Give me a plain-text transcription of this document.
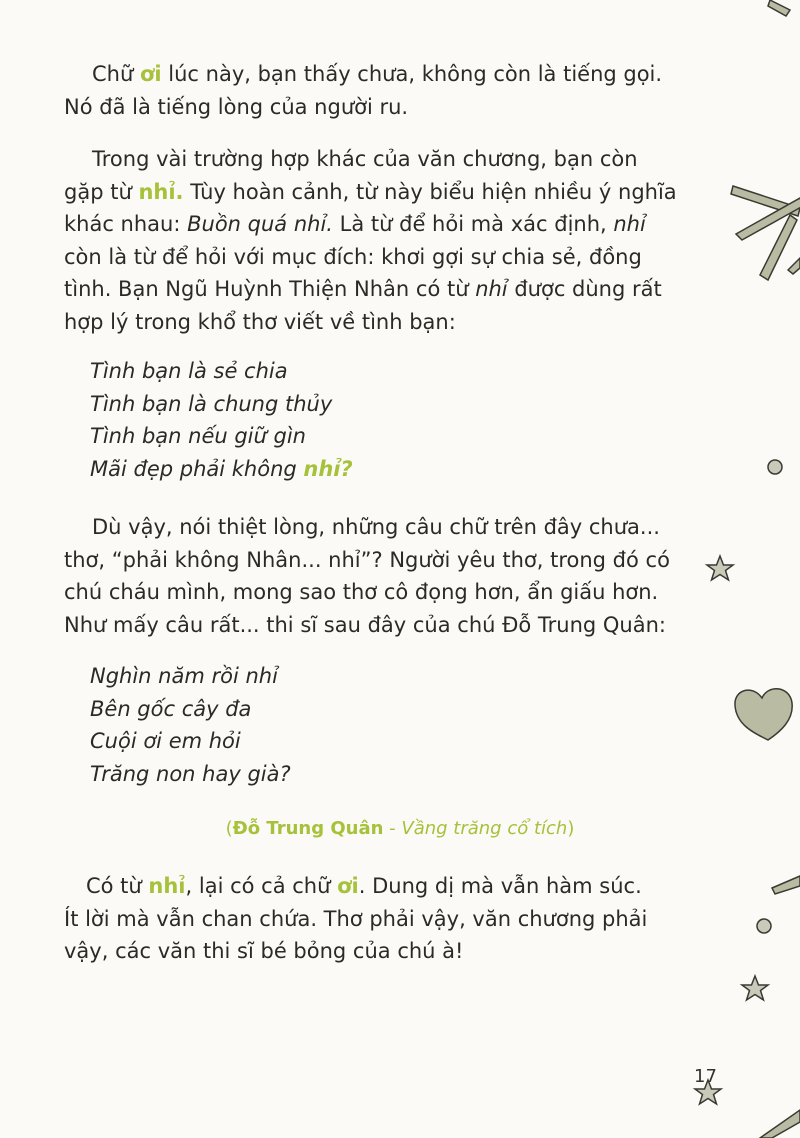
Chữ ơi lúc này, bạn thấy chưa, không còn là tiếng gọi.
Nó đã là tiếng lòng của người ru.

Trong vài trường hợp khác của văn chương, bạn còn
gặp từ nhỉ. Tùy hoàn cảnh, từ này biểu hiện nhiều ý nghĩa
khác nhau: Buồn quá nhỉ. Là từ để hỏi mà xác định, nhỉ
còn là từ để hỏi với mục đích: khơi gợi sự chia sẻ, đồng
tình. Bạn Ngũ Huỳnh Thiện Nhân có từ nhỉ được dùng rất
hợp lý trong khổ thơ viết về tình bạn:

Tình bạn là sẻ chia
Tình bạn là chung thủy
Tình bạn nếu giữ gìn
Mãi đẹp phải không nhỉ?

Dù vậy, nói thiệt lòng, những câu chữ trên đây chưa...
thơ, “phải không Nhân... nhỉ”? Người yêu thơ, trong đó có
chú cháu mình, mong sao thơ cô đọng hơn, ẩn giấu hơn.
Như mấy câu rất... thi sĩ sau đây của chú Đỗ Trung Quân:

Nghìn năm rồi nhỉ
Bên gốc cây đa
Cuội ơi em hỏi
Trăng non hay già?

(Đỗ Trung Quân - Vầng trăng cổ tích)

Có từ nhỉ, lại có cả chữ ơi. Dung dị mà vẫn hàm súc.
Ít lời mà vẫn chan chứa. Thơ phải vậy, văn chương phải
vậy, các văn thi sĩ bé bỏng của chú à!

17
